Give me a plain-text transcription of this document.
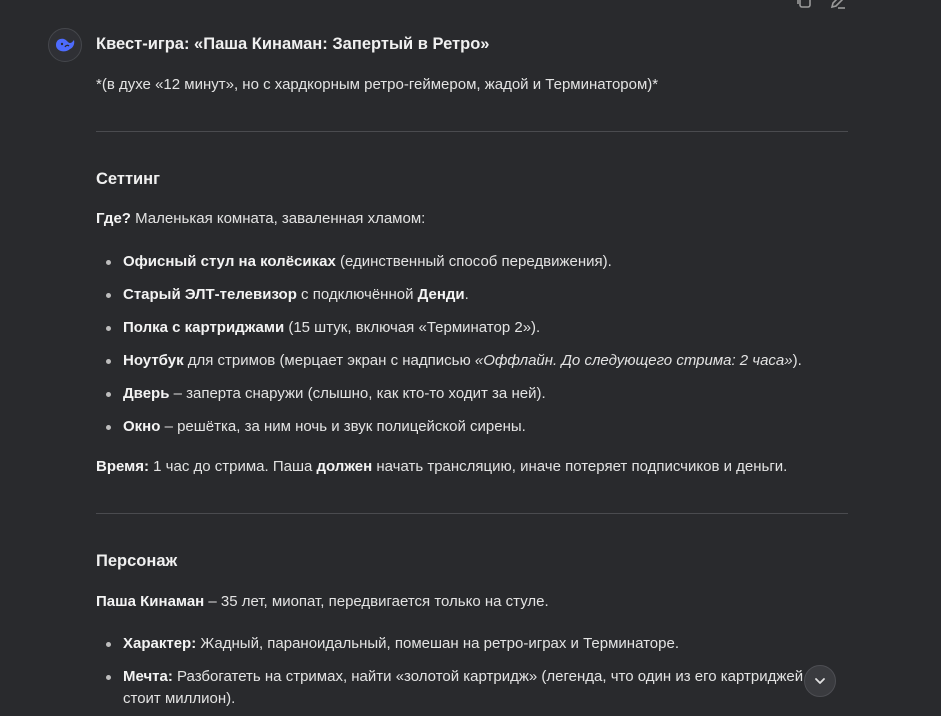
Квест-игра: «Паша Кинаман: Запертый в Ретро»

*(в духе «12 минут», но с хардкорным ретро-геймером, жадой и Терминатором)*

Сеттинг

Где? Маленькая комната, заваленная хламом:

Офисный стул на колёсиках (единственный способ передвижения).
Старый ЭЛТ-телевизор с подключённой Денди.
Полка с картриджами (15 штук, включая «Терминатор 2»).
Ноутбук для стримов (мерцает экран с надписью «Оффлайн. До следующего стрима: 2 часа»).
Дверь – заперта снаружи (слышно, как кто-то ходит за ней).
Окно – решётка, за ним ночь и звук полицейской сирены.

Время: 1 час до стрима. Паша должен начать трансляцию, иначе потеряет подписчиков и деньги.

Персонаж

Паша Кинаман – 35 лет, миопат, передвигается только на стуле.

Характер: Жадный, параноидальный, помешан на ретро-играх и Терминаторе.
Мечта: Разбогатеть на стримах, найти «золотой картридж» (легенда, что один из его картриджей стоит миллион).
